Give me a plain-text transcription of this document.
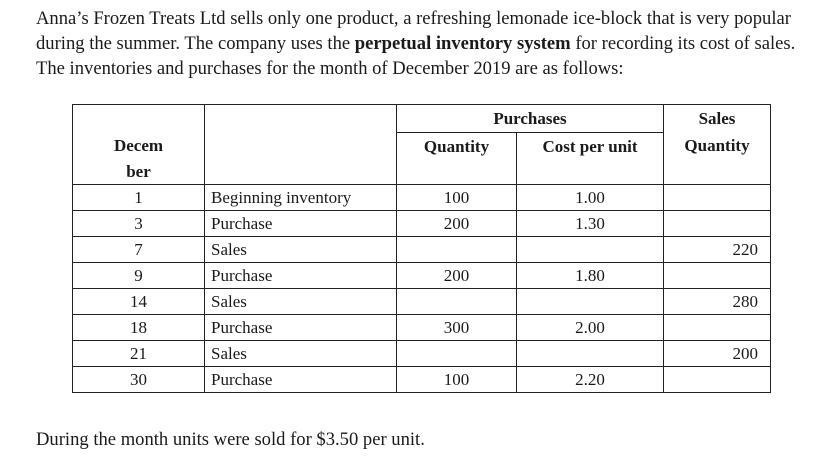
Anna’s Frozen Treats Ltd sells only one product, a refreshing lemonade ice-block that is very popular during the summer. The company uses the perpetual inventory system for recording its cost of sales. The inventories and purchases for the month of December 2019 are as follows:

		Purchases		Sales
Decem		Quantity	Cost per unit	Quantity
ber				
1	Beginning inventory	100	1.00	
3	Purchase	200	1.30	
7	Sales			220
9	Purchase	200	1.80	
14	Sales			280
18	Purchase	300	2.00	
21	Sales			200
30	Purchase	100	2.20	

During the month units were sold for $3.50 per unit.
